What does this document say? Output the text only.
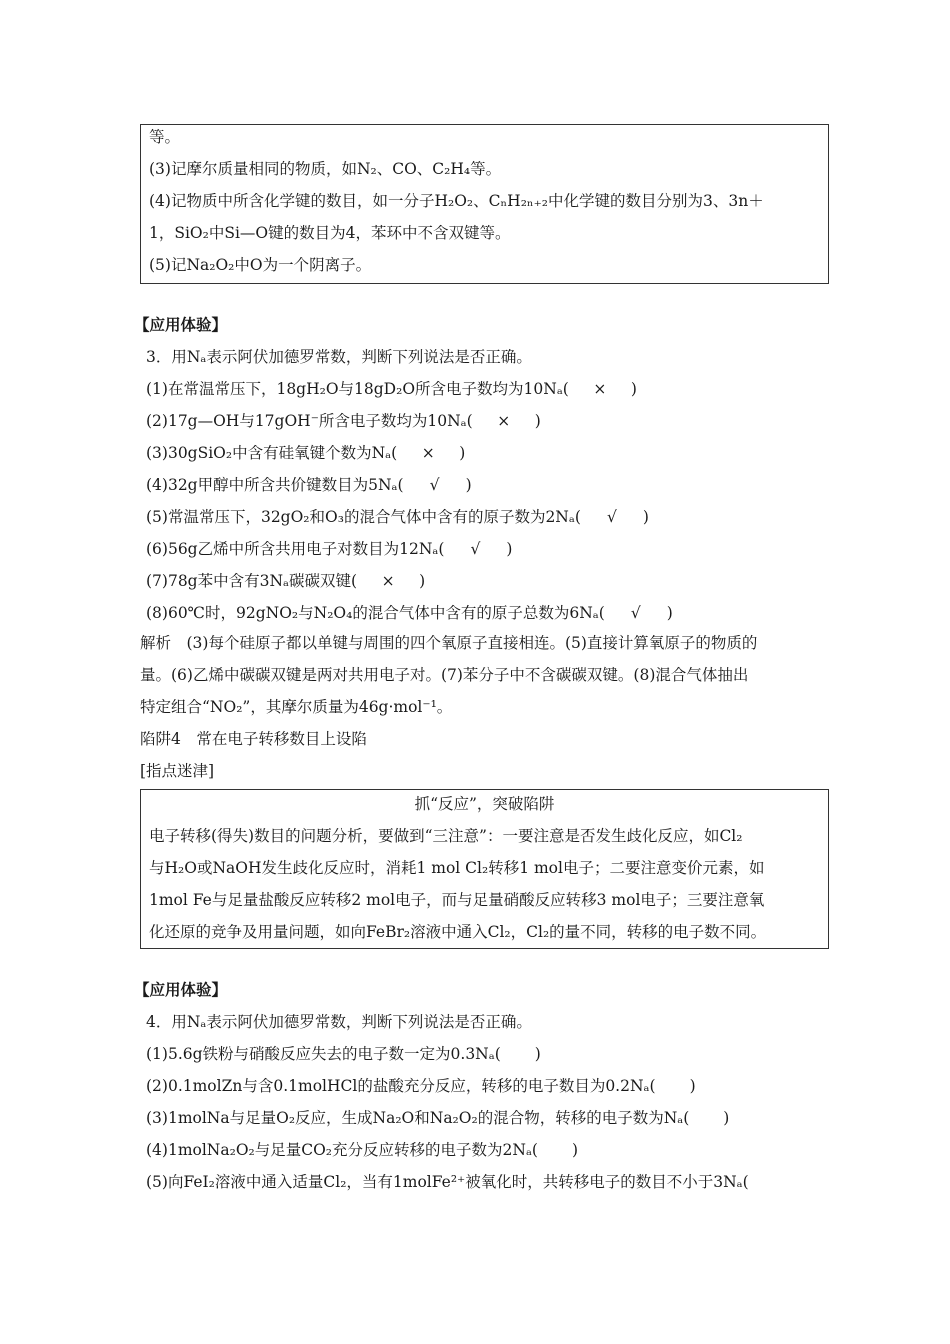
等。
(3)记摩尔质量相同的物质，如N₂、CO、C₂H₄等。
(4)记物质中所含化学键的数目，如一分子H₂O₂、CₙH₂ₙ₊₂中化学键的数目分别为3、3n＋
1，SiO₂中Si—O键的数目为4，苯环中不含双键等。
(5)记Na₂O₂中O为一个阴离子。
【应用体验】
3．用Nₐ表示阿伏加德罗常数，判断下列说法是否正确。
(1)在常温常压下，18gH₂O与18gD₂O所含电子数均为10Nₐ( × )
(2)17g—OH与17gOH⁻所含电子数均为10Nₐ( × )
(3)30gSiO₂中含有硅氧键个数为Nₐ( × )
(4)32g甲醇中所含共价键数目为5Nₐ( √ )
(5)常温常压下，32gO₂和O₃的混合气体中含有的原子数为2Nₐ( √ )
(6)56g乙烯中所含共用电子对数目为12Nₐ( √ )
(7)78g苯中含有3Nₐ碳碳双键( × )
(8)60℃时，92gNO₂与N₂O₄的混合气体中含有的原子总数为6Nₐ( √ )
解析　(3)每个硅原子都以单键与周围的四个氧原子直接相连。(5)直接计算氧原子的物质的
量。(6)乙烯中碳碳双键是两对共用电子对。(7)苯分子中不含碳碳双键。(8)混合气体抽出
特定组合“NO₂”，其摩尔质量为46g·mol⁻¹。
陷阱4　常在电子转移数目上设陷
[指点迷津]
抓“反应”，突破陷阱
电子转移(得失)数目的问题分析，要做到“三注意”：一要注意是否发生歧化反应，如Cl₂
与H₂O或NaOH发生歧化反应时，消耗1 mol Cl₂转移1 mol电子；二要注意变价元素，如
1mol Fe与足量盐酸反应转移2 mol电子，而与足量硝酸反应转移3 mol电子；三要注意氧
化还原的竞争及用量问题，如向FeBr₂溶液中通入Cl₂，Cl₂的量不同，转移的电子数不同。
【应用体验】
4．用Nₐ表示阿伏加德罗常数，判断下列说法是否正确。
(1)5.6g铁粉与硝酸反应失去的电子数一定为0.3Nₐ( )
(2)0.1molZn与含0.1molHCl的盐酸充分反应，转移的电子数目为0.2Nₐ( )
(3)1molNa与足量O₂反应，生成Na₂O和Na₂O₂的混合物，转移的电子数为Nₐ( )
(4)1molNa₂O₂与足量CO₂充分反应转移的电子数为2Nₐ( )
(5)向FeI₂溶液中通入适量Cl₂，当有1molFe²⁺被氧化时，共转移电子的数目不小于3Nₐ(
